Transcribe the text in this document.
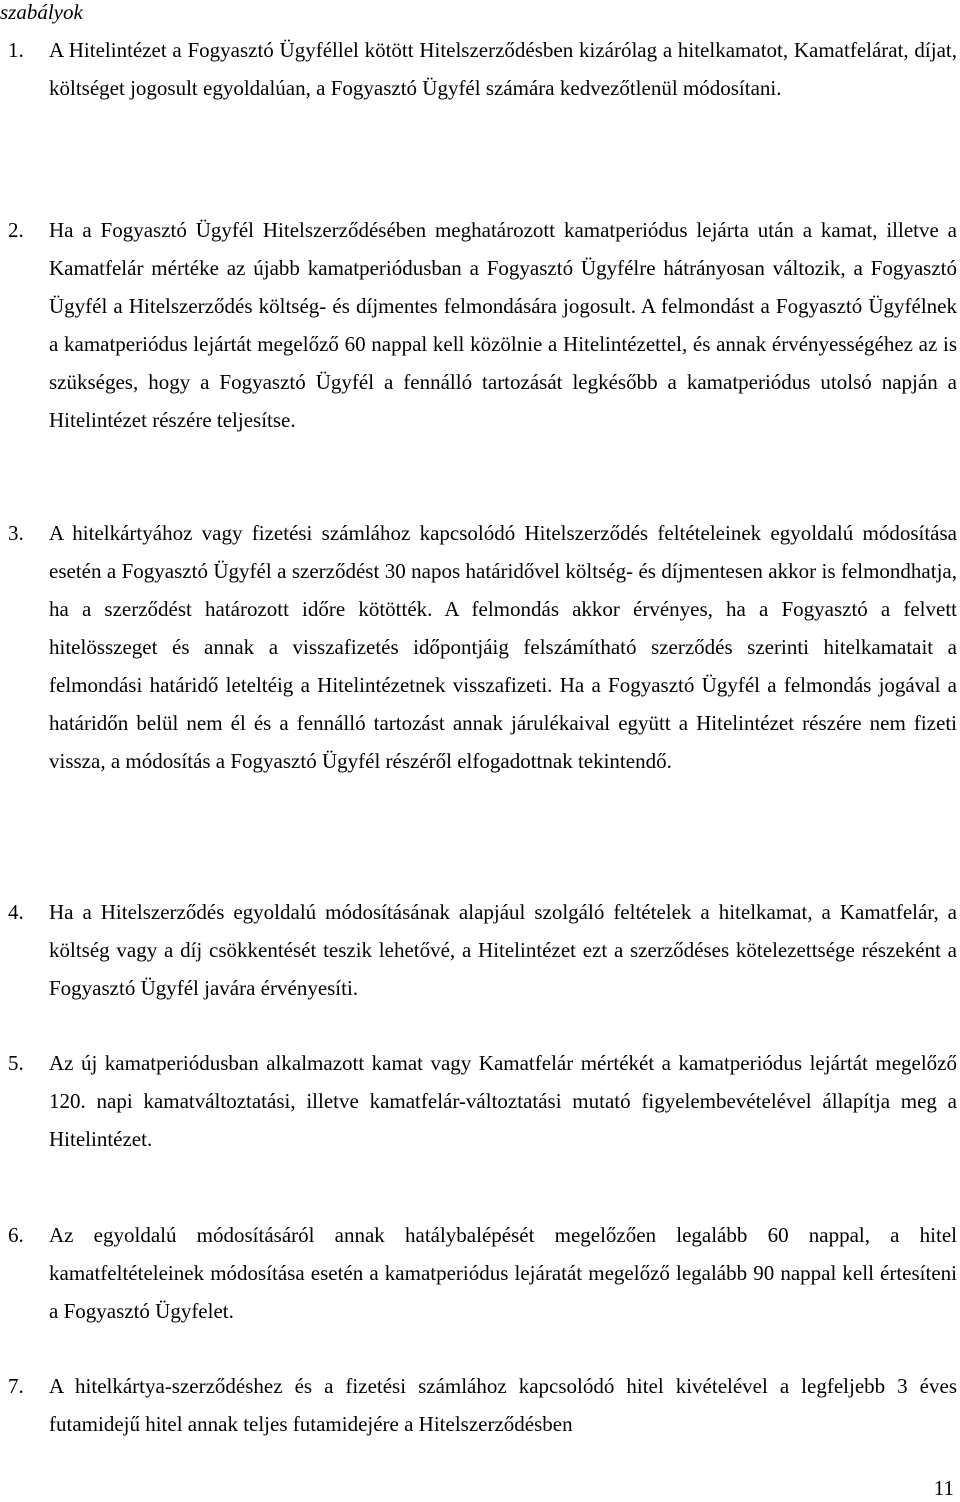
szabályok
1. A Hitelintézet a Fogyasztó Ügyféllel kötött Hitelszerződésben kizárólag a hitelkamatot, Kamatfelárat, díjat, költséget jogosult egyoldalúan, a Fogyasztó Ügyfél számára kedvezőtlenül módosítani.
2. Ha a Fogyasztó Ügyfél Hitelszerződésében meghatározott kamatperiódus lejárta után a kamat, illetve a Kamatfelár mértéke az újabb kamatperiódusban a Fogyasztó Ügyfélre hátrányosan változik, a Fogyasztó Ügyfél a Hitelszerződés költség- és díjmentes felmondására jogosult. A felmondást a Fogyasztó Ügyfélnek a kamatperiódus lejártát megelőző 60 nappal kell közölnie a Hitelintézettel, és annak érvényességéhez az is szükséges, hogy a Fogyasztó Ügyfél a fennálló tartozását legkésőbb a kamatperiódus utolsó napján a Hitelintézet részére teljesítse.
3. A hitelkártyához vagy fizetési számlához kapcsolódó Hitelszerződés feltételeinek egyoldalú módosítása esetén a Fogyasztó Ügyfél a szerződést 30 napos határidővel költség- és díjmentesen akkor is felmondhatja, ha a szerződést határozott időre kötötték. A felmondás akkor érvényes, ha a Fogyasztó a felvett hitelösszeget és annak a visszafizetés időpontjáig felszámítható szerződés szerinti hitelkamatait a felmondási határidő leteltéig a Hitelintézetnek visszafizeti. Ha a Fogyasztó Ügyfél a felmondás jogával a határidőn belül nem él és a fennálló tartozást annak járulékaival együtt a Hitelintézet részére nem fizeti vissza, a módosítás a Fogyasztó Ügyfél részéről elfogadottnak tekintendő.
4. Ha a Hitelszerződés egyoldalú módosításának alapjául szolgáló feltételek a hitelkamat, a Kamatfelár, a költség vagy a díj csökkentését teszik lehetővé, a Hitelintézet ezt a szerződéses kötelezettsége részeként a Fogyasztó Ügyfél javára érvényesíti.
5. Az új kamatperiódusban alkalmazott kamat vagy Kamatfelár mértékét a kamatperiódus lejártát megelőző 120. napi kamatváltoztatási, illetve kamatfelár-változtatási mutató figyelembevételével állapítja meg a Hitelintézet.
6. Az egyoldalú módosításáról annak hatálybalépését megelőzően legalább 60 nappal, a hitel kamatfeltételeinek módosítása esetén a kamatperiódus lejáratát megelőző legalább 90 nappal kell értesíteni a Fogyasztó Ügyfelet.
7. A hitelkártya-szerződéshez és a fizetési számlához kapcsolódó hitel kivételével a legfeljebb 3 éves futamidejű hitel annak teljes futamidejére a Hitelszerződésben
11
